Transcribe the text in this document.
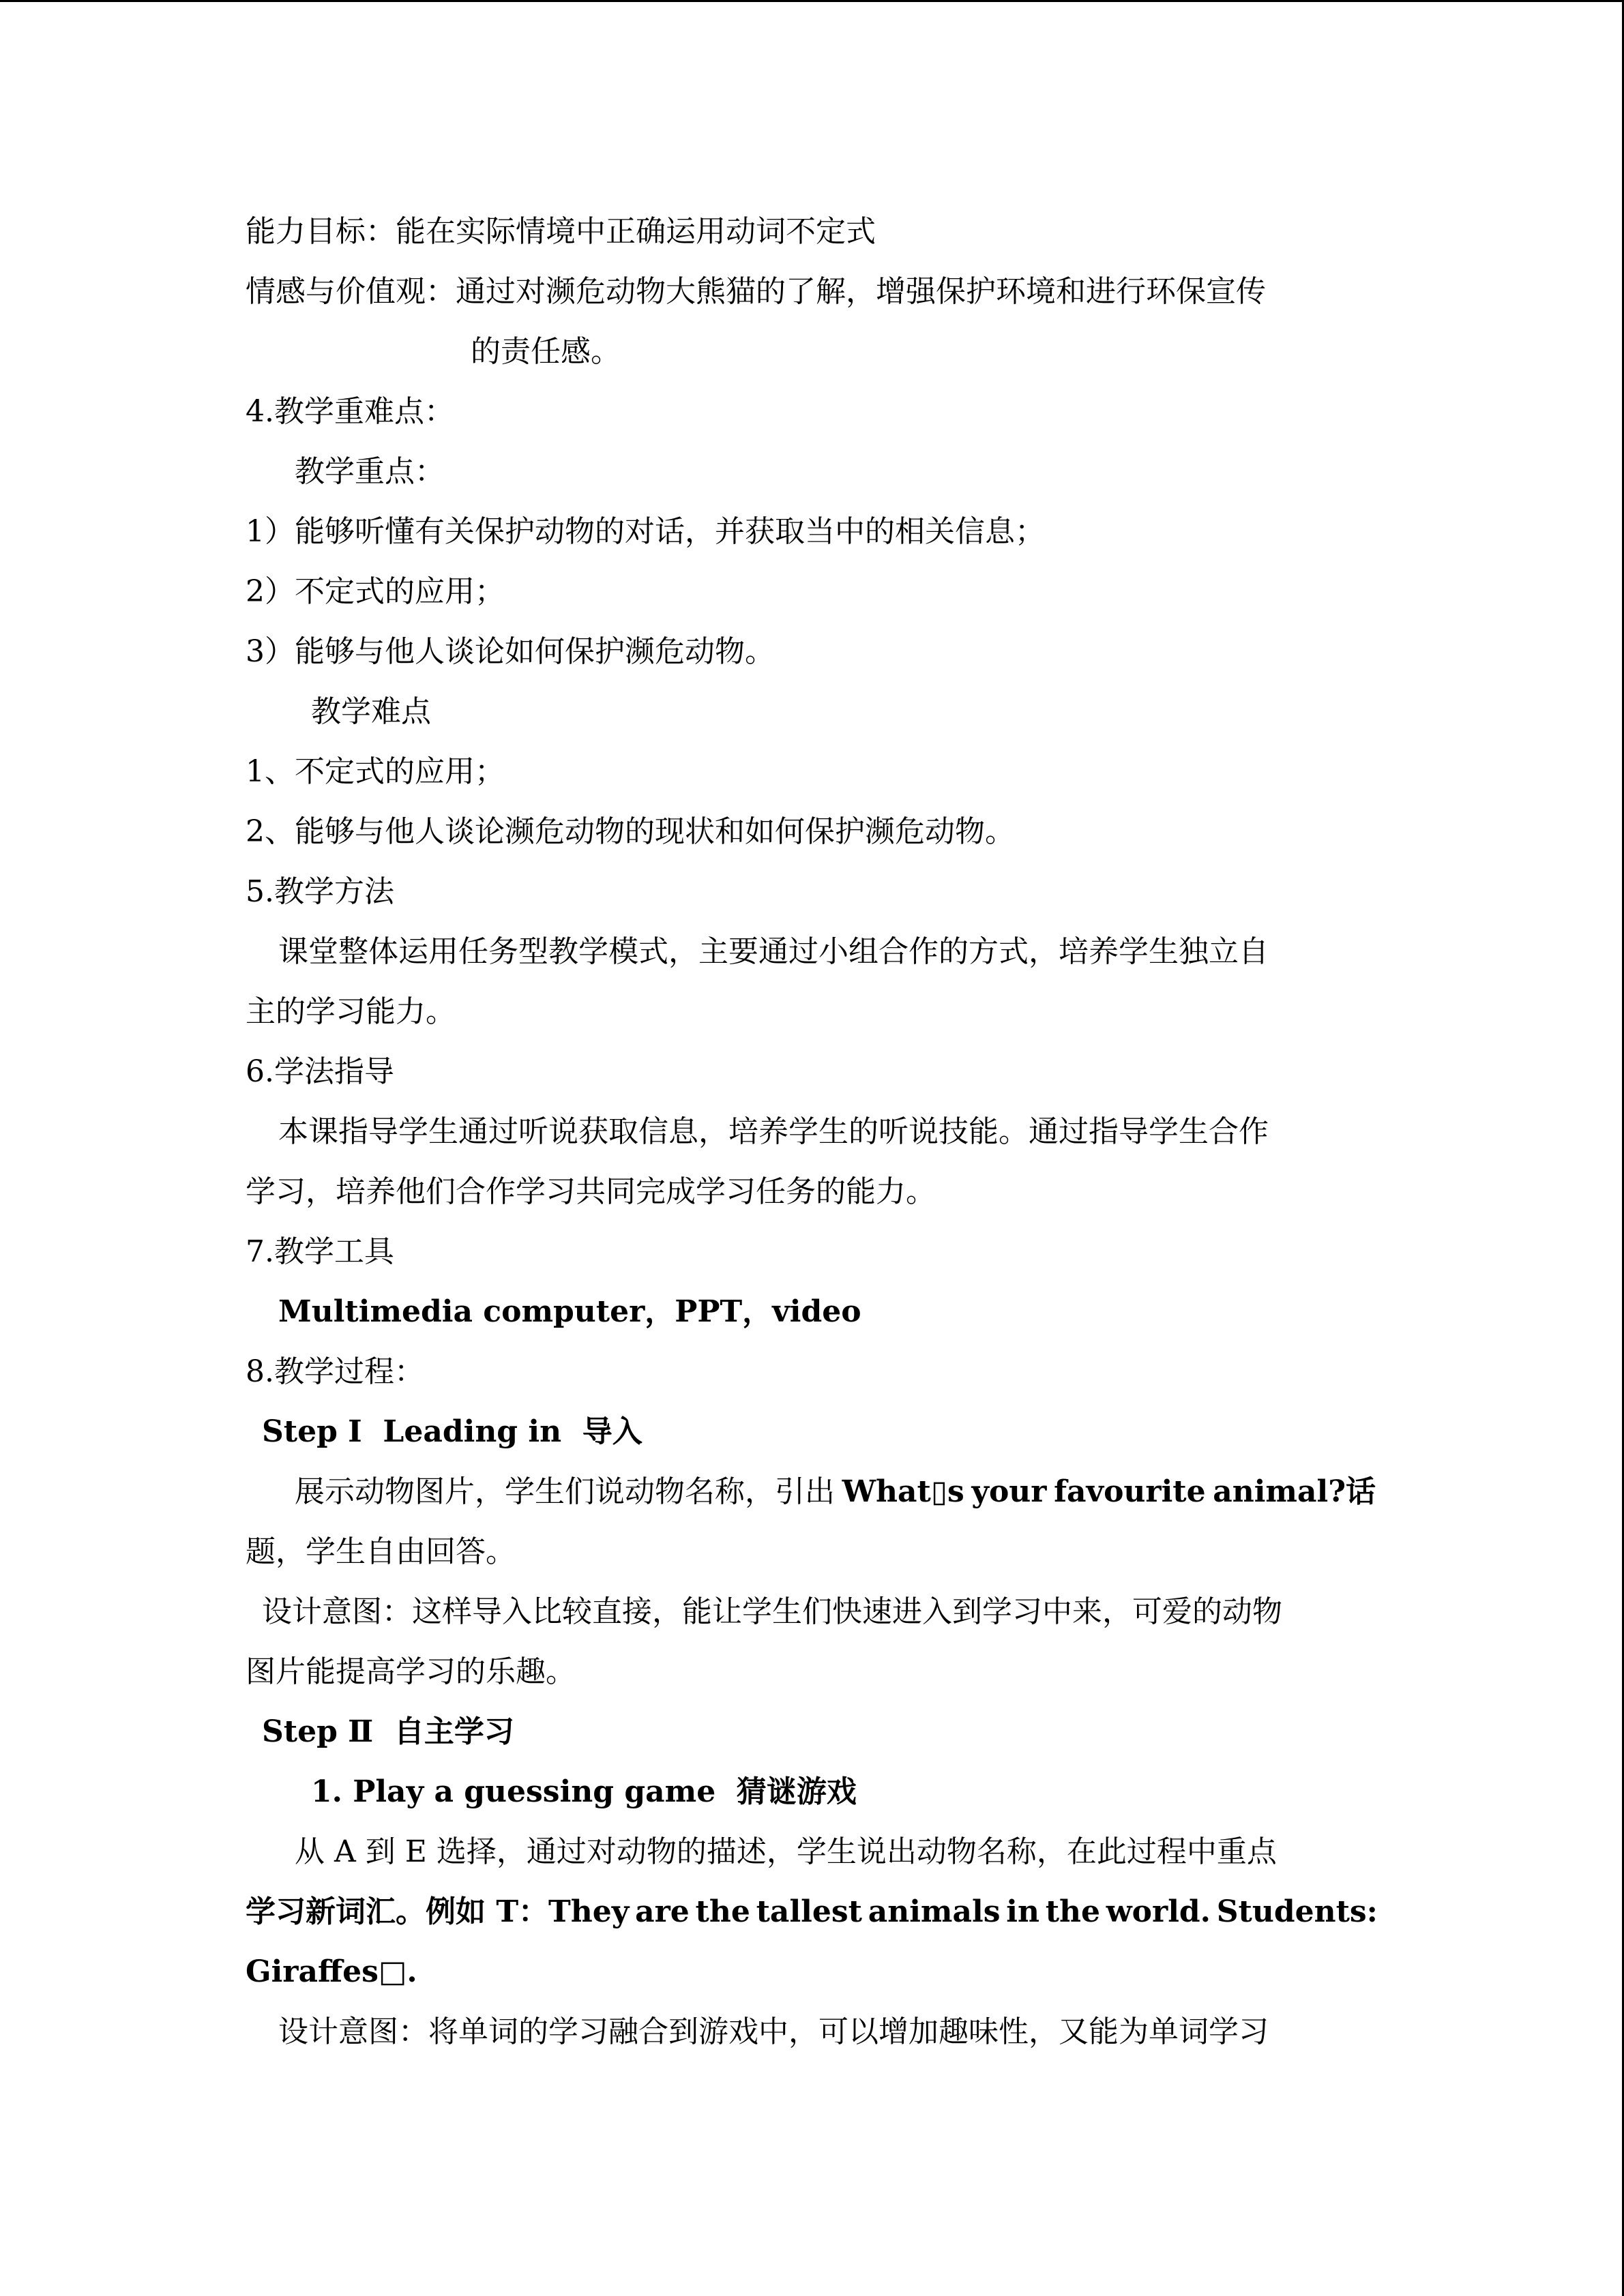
能力目标：能在实际情境中正确运用动词不定式
情感与价值观：通过对濒危动物大熊猫的了解，增强保护环境和进行环保宣传
的责任感。
4.教学重难点：
教学重点：
1）能够听懂有关保护动物的对话，并获取当中的相关信息；
2）不定式的应用；
3）能够与他人谈论如何保护濒危动物。
教学难点
1、不定式的应用；
2、能够与他人谈论濒危动物的现状和如何保护濒危动物。
5.教学方法
课堂整体运用任务型教学模式，主要通过小组合作的方式，培养学生独立自
主的学习能力。
6.学法指导
本课指导学生通过听说获取信息，培养学生的听说技能。通过指导学生合作
学习，培养他们合作学习共同完成学习任务的能力。
7.教学工具
Multimedia computer，PPT，video
8.教学过程：
Step Ⅰ  Leading in  导入
展示动物图片，学生们说动物名称，引出 What▯s your favourite animal?话
题，学生自由回答。
设计意图：这样导入比较直接，能让学生们快速进入到学习中来，可爱的动物
图片能提高学习的乐趣。
Step Ⅱ  自主学习
1. Play a guessing game  猜谜游戏
从 A 到 E 选择，通过对动物的描述，学生说出动物名称，在此过程中重点
学习新词汇。例如 T：They are the tallest animals in the world. Students:
Giraffes□.
设计意图：将单词的学习融合到游戏中，可以增加趣味性，又能为单词学习
